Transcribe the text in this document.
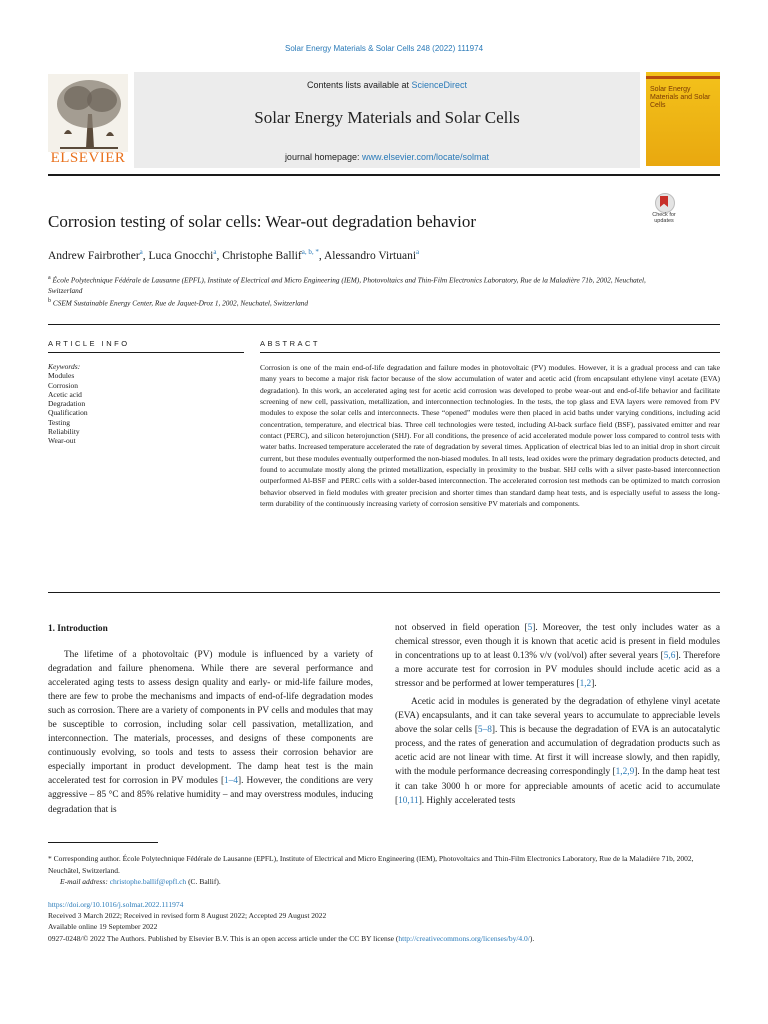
Solar Energy Materials & Solar Cells 248 (2022) 111974
ELSEVIER
Contents lists available at ScienceDirect
Solar Energy Materials and Solar Cells
journal homepage: www.elsevier.com/locate/solmat
Solar Energy Materials and Solar Cells
Corrosion testing of solar cells: Wear-out degradation behavior	Check for
updates
Andrew Fairbrother$^a$, Luca Gnocchi$^a$, Christophe Ballif$^{a, b, *}$, Alessandro Virtuani$^a$
$^a$ École Polytechnique Fédérale de Lausanne (EPFL), Institute of Electrical and Micro Engineering (IEM), Photovoltaics and Thin-Film Electronics Laboratory, Rue de la Maladière 71b, 2002, Neuchatel, Switzerland
$^b$ CSEM Sustainable Energy Center, Rue de Jaquet-Droz 1, 2002, Neuchatel, Switzerland
ARTICLE INFO	ABSTRACT
Keywords:
Modules
Corrosion
Acetic acid
Degradation
Qualification
Testing
Reliability
Wear-out
Corrosion is one of the main end-of-life degradation and failure modes in photovoltaic (PV) modules. However, it is a gradual process and can take many years to become a major risk factor because of the slow accumulation of water and acetic acid (from encapsulant ethylene vinyl acetate (EVA) degradation). In this work, an accelerated aging test for acetic acid corrosion was developed to probe wear-out and end-of-life behavior and facilitate screening of new cell, passivation, metallization, and interconnection technologies. In the tests, the top glass and EVA layers were removed from PV modules to expose the solar cells and interconnects. These “opened” modules were then placed in acid baths under varying conditions, including acid concentration, temperature, and electrical bias. Three cell technologies were tested, including Al-back surface field (BSF), passivated emitter and rear contact (PERC), and silicon heterojunction (SHJ). For all conditions, the presence of acid accelerated module power loss compared to control tests with water baths. Increased temperature accelerated the rate of degradation by several times. Application of electrical bias led to an initial drop in short circuit current, but these modules eventually outperformed the non-biased modules. In all tests, lead oxides were the primary degradation products detected, and found to accumulate mostly along the printed metallization, especially in proximity to the busbar. SHJ cells with a silver paste-based interconnection outperformed Al-BSF and PERC cells with a solder-based interconnection. The accelerated corrosion test methods can be optimized to match corrosion behavior observed in field modules with greater precision and shorter times than standard damp heat tests, and is especially useful to assess the long-term durability of the continuously increasing variety of corrosion sensitive PV materials and components.
1. Introduction

The lifetime of a photovoltaic (PV) module is influenced by a variety of degradation and failure phenomena. While there are several performance and accelerated aging tests to assess design quality and early- or mid-life failure modes, there are few to probe the mechanisms and impacts of end-of-life degradation modes such as corrosion. There are a variety of components in PV cells and modules that may be susceptible to corrosion, including solar cell passivation, metallization, and interconnection. The materials, processes, and designs of these components are continuously evolving, so tools and tests to assess their corrosion behavior are especially important in product development. The damp heat test is the main accelerated test for corrosion in PV modules [1–4]. However, the conditions are very aggressive – 85 °C and 85% relative humidity – and may overstress modules, inducing degradation that is

not observed in field operation [5]. Moreover, the test only includes water as a chemical stressor, even though it is known that acetic acid is present in field modules in concentrations up to at least 0.13% v/v (vol/vol) after several years [5,6]. Therefore a more accurate test for corrosion in PV modules should include acetic acid as a stressor and be performed at lower temperatures [1,2].

Acetic acid in modules is generated by the degradation of ethylene vinyl acetate (EVA) encapsulants, and it can take several years to accumulate to appreciable levels above the solar cells [5–8]. This is because the degradation of EVA is an autocatalytic process, and the rates of generation and accumulation of degradation products such as acetic acid are not linear with time. At first it will increase slowly, and then rapidly, with the module performance decreasing correspondingly [1,2,9]. In the damp heat test it can take 3000 h or more for appreciable amounts of acetic acid to accumulate [10,11]. Highly accelerated tests

* Corresponding author. École Polytechnique Fédérale de Lausanne (EPFL), Institute of Electrical and Micro Engineering (IEM), Photovoltaics and Thin-Film Electronics Laboratory, Rue de la Maladière 71b, 2002, Neuchâtel, Switzerland.
E-mail address: christophe.ballif@epfl.ch (C. Ballif).
https://doi.org/10.1016/j.solmat.2022.111974
Received 3 March 2022; Received in revised form 8 August 2022; Accepted 29 August 2022
Available online 19 September 2022
0927-0248/© 2022 The Authors. Published by Elsevier B.V. This is an open access article under the CC BY license (http://creativecommons.org/licenses/by/4.0/).
